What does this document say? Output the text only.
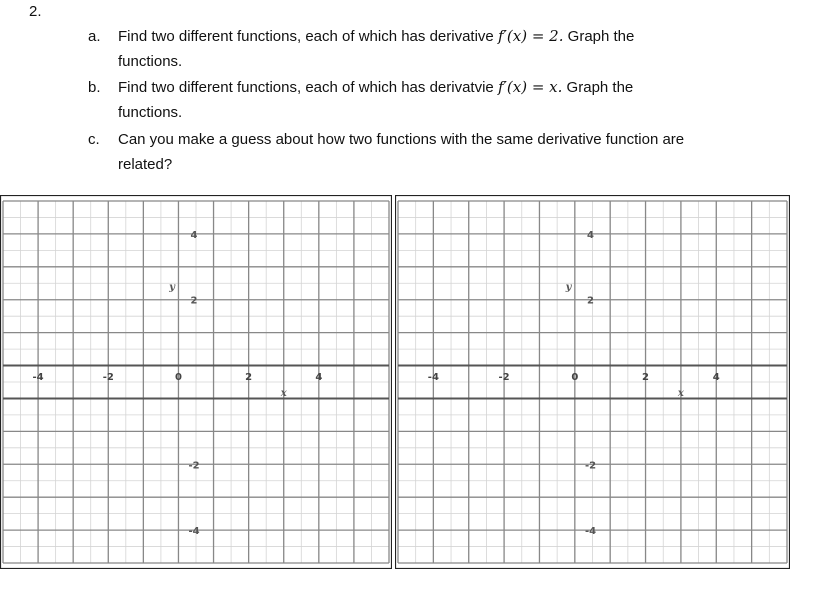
2.
a.	Find two different functions, each of which has derivative f′(x) = 2. Graph the
functions.
b.	Find two different functions, each of which has derivatvie f′(x) = x. Graph the
functions.
c.	Can you make a guess about how two functions with the same derivative function are
related?
-4	-2	0	2	4
4
2
-2
-4
x
y
-4	-2	0	2	4
4
2
-2
-4
x
y
